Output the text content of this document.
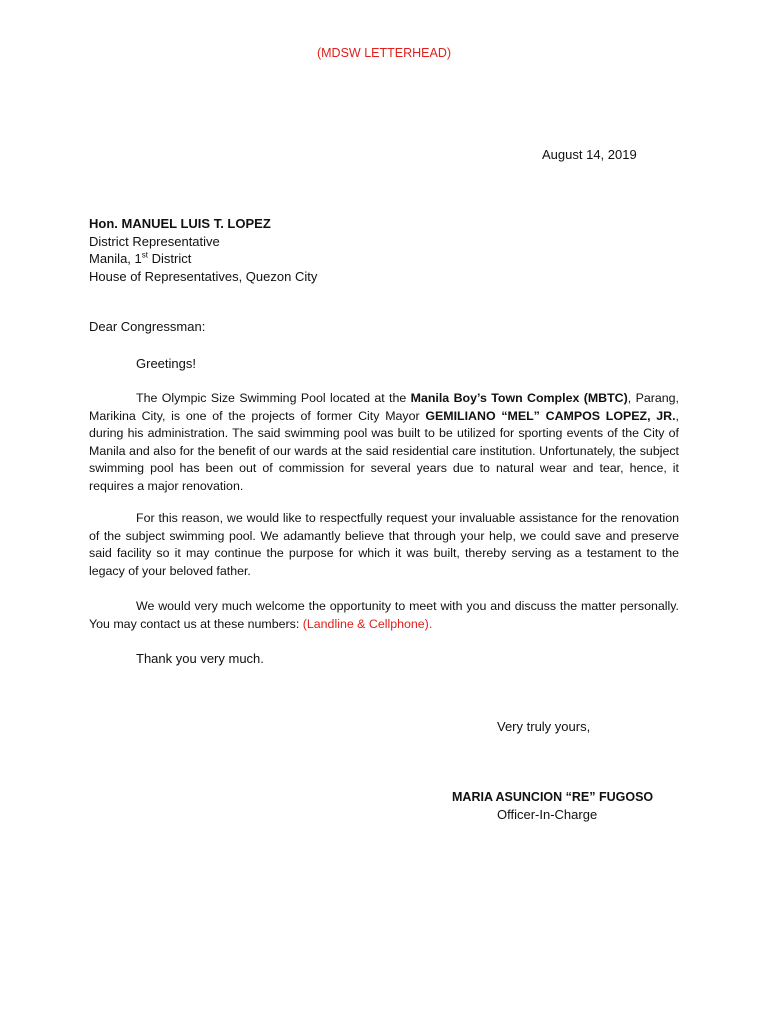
(MDSW LETTERHEAD)
August 14, 2019
Hon. MANUEL LUIS T. LOPEZ
District Representative
Manila, 1st District
House of Representatives, Quezon City
Dear Congressman:
Greetings!
The Olympic Size Swimming Pool located at the Manila Boy’s Town Complex (MBTC), Parang, Marikina City, is one of the projects of former City Mayor GEMILIANO “MEL” CAMPOS LOPEZ, JR., during his administration. The said swimming pool was built to be utilized for sporting events of the City of Manila and also for the benefit of our wards at the said residential care institution. Unfortunately, the subject swimming pool has been out of commission for several years due to natural wear and tear, hence, it requires a major renovation.
For this reason, we would like to respectfully request your invaluable assistance for the renovation of the subject swimming pool. We adamantly believe that through your help, we could save and preserve said facility so it may continue the purpose for which it was built, thereby serving as a testament to the legacy of your beloved father.
We would very much welcome the opportunity to meet with you and discuss the matter personally. You may contact us at these numbers: (Landline & Cellphone).
Thank you very much.
Very truly yours,
MARIA ASUNCION “RE” FUGOSO
Officer-In-Charge
